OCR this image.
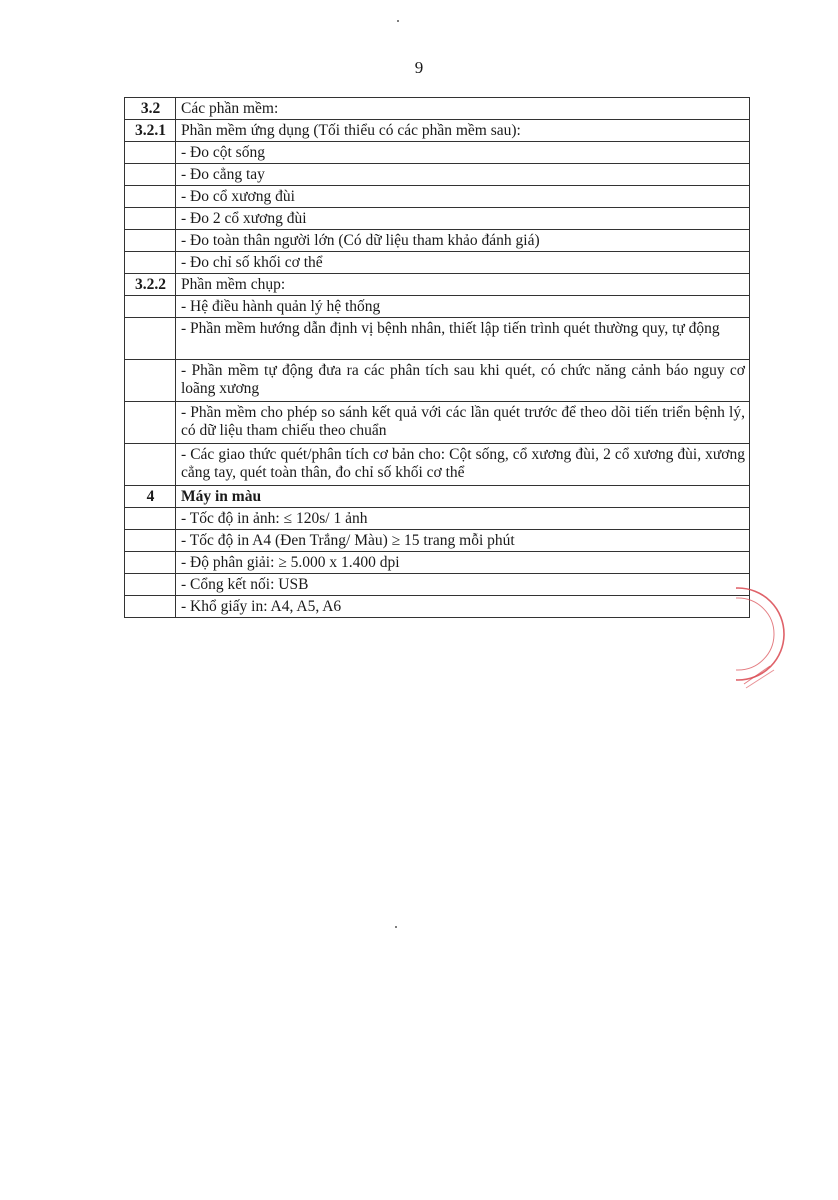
9
3.2	Các phần mềm:
3.2.1	Phần mềm ứng dụng (Tối thiểu có các phần mềm sau):
	- Đo cột sống
	- Đo cẳng tay
	- Đo cổ xương đùi
	- Đo 2 cổ xương đùi
	- Đo toàn thân người lớn (Có dữ liệu tham khảo đánh giá)
	- Đo chỉ số khối cơ thể
3.2.2	Phần mềm chụp:
	- Hệ điều hành quản lý hệ thống
	- Phần mềm hướng dẫn định vị bệnh nhân, thiết lập tiến trình quét thường quy, tự động
	- Phần mềm tự động đưa ra các phân tích sau khi quét, có chức năng cảnh báo nguy cơ loãng xương
	- Phần mềm cho phép so sánh kết quả với các lần quét trước để theo dõi tiến triển bệnh lý, có dữ liệu tham chiếu theo chuẩn
	- Các giao thức quét/phân tích cơ bản cho: Cột sống, cổ xương đùi, 2 cổ xương đùi, xương cẳng tay, quét toàn thân, đo chỉ số khối cơ thể
4	Máy in màu
	- Tốc độ in ảnh: ≤ 120s/ 1 ảnh
	- Tốc độ in A4 (Đen Trắng/ Màu) ≥ 15 trang mỗi phút
	- Độ phân giải: ≥ 5.000 x 1.400 dpi
	- Cổng kết nối: USB
	- Khổ giấy in: A4, A5, A6
